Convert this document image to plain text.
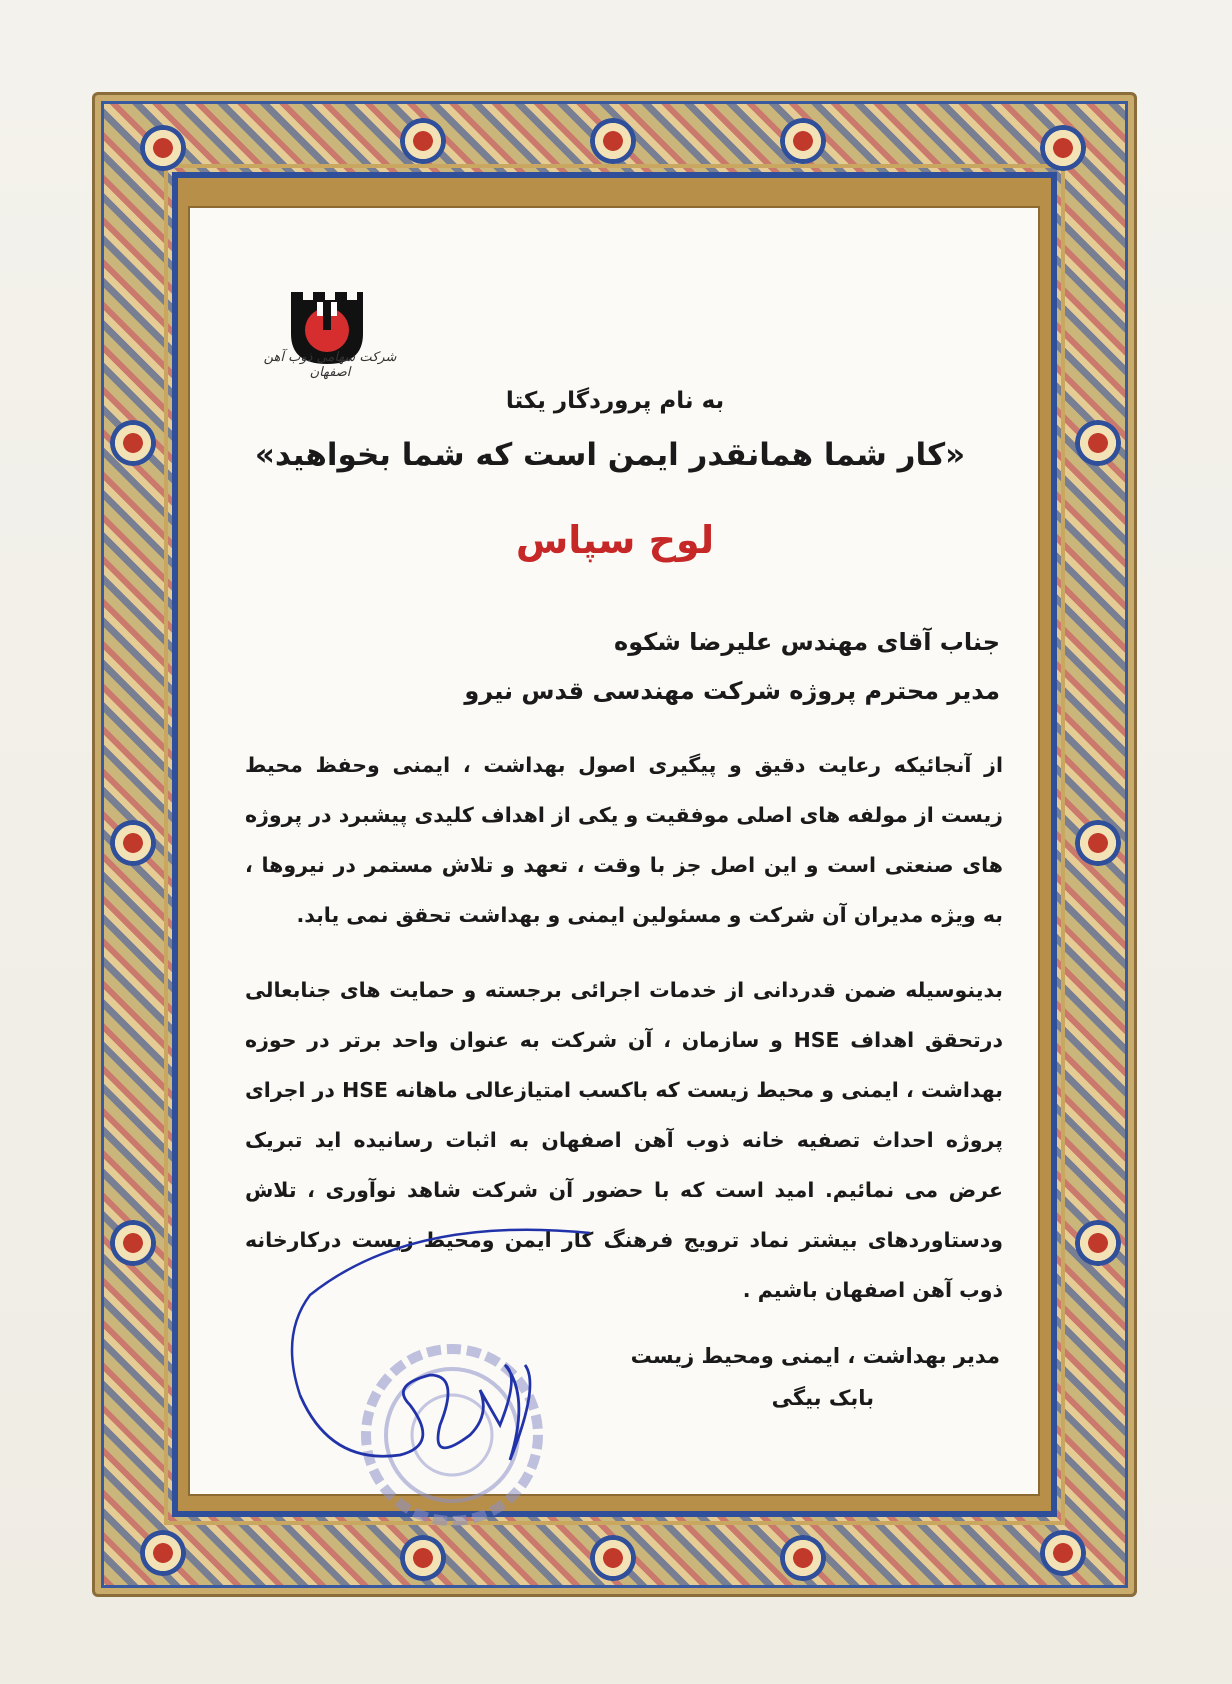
شرکت سهامی ذوب آهن اصفهان
به نام پروردگار یکتا
«کار شما همانقدر ایمن است که شما بخواهید»
لوح سپاس
جناب آقای مهندس علیرضا شکوه
مدیر محترم پروژه شرکت مهندسی قدس نیرو
از آنجائیکه رعایت دقیق و پیگیری اصول بهداشت ، ایمنی وحفظ محیط زیست از مولفه های اصلی موفقیت و یکی از اهداف کلیدی پیشبرد در پروژه های صنعتی است و این اصل جز با وقت ، تعهد و تلاش مستمر در نیروها ، به ویژه مدیران آن شرکت و مسئولین ایمنی و بهداشت تحقق نمی یابد.
بدینوسیله ضمن قدردانی از خدمات اجرائی برجسته و حمایت های جنابعالی درتحقق اهداف HSE و سازمان ، آن شرکت به عنوان واحد برتر در حوزه بهداشت ، ایمنی و محیط زیست که باکسب امتیازعالی ماهانه HSE در اجرای پروژه احداث تصفیه خانه ذوب آهن اصفهان به اثبات رسانیده اید تبریک عرض می نمائیم. امید است که با حضور آن شرکت شاهد نوآوری ، تلاش ودستاوردهای بیشتر نماد ترویج فرهنگ کار ایمن ومحیط زیست درکارخانه ذوب آهن اصفهان باشیم .
مدیر بهداشت ، ایمنی ومحیط زیست
بابک بیگی
